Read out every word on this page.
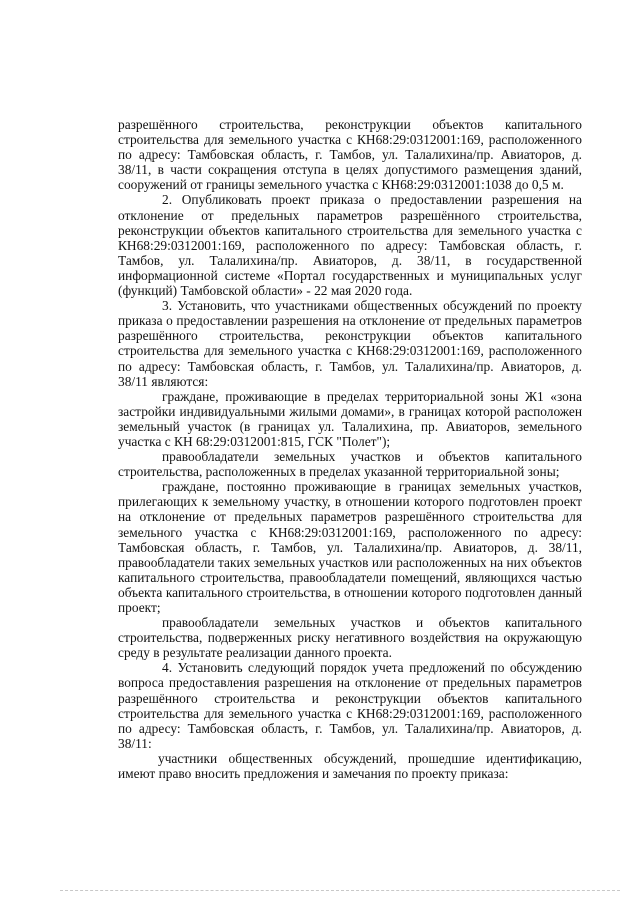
разрешённого строительства, реконструкции объектов капитального строительства для земельного участка с КН68:29:0312001:169, расположенного по адресу: Тамбовская область, г. Тамбов, ул. Талалихина/пр. Авиаторов, д. 38/11, в части сокращения отступа в целях допустимого размещения зданий, сооружений от границы земельного участка с КН68:29:0312001:1038 до 0,5 м.

2. Опубликовать проект приказа о предоставлении разрешения на отклонение от предельных параметров разрешённого строительства, реконструкции объектов капитального строительства для земельного участка с КН68:29:0312001:169, расположенного по адресу: Тамбовская область, г. Тамбов, ул. Талалихина/пр. Авиаторов, д. 38/11, в государственной информационной системе «Портал государственных и муниципальных услуг (функций) Тамбовской области» - 22 мая 2020 года.

3. Установить, что участниками общественных обсуждений по проекту приказа о предоставлении разрешения на отклонение от предельных параметров разрешённого строительства, реконструкции объектов капитального строительства для земельного участка с КН68:29:0312001:169, расположенного по адресу: Тамбовская область, г. Тамбов, ул. Талалихина/пр. Авиаторов, д. 38/11 являются:

граждане, проживающие в пределах территориальной зоны Ж1 «зона застройки индивидуальными жилыми домами», в границах которой расположен земельный участок (в границах ул. Талалихина, пр. Авиаторов, земельного участка с КН 68:29:0312001:815, ГСК "Полет");

правообладатели земельных участков и объектов капитального строительства, расположенных в пределах указанной территориальной зоны;

граждане, постоянно проживающие в границах земельных участков, прилегающих к земельному участку, в отношении которого подготовлен проект на отклонение от предельных параметров разрешённого строительства для земельного участка с КН68:29:0312001:169, расположенного по адресу: Тамбовская область, г. Тамбов, ул. Талалихина/пр. Авиаторов, д. 38/11, правообладатели таких земельных участков или расположенных на них объектов капитального строительства, правообладатели помещений, являющихся частью объекта капитального строительства, в отношении которого подготовлен данный проект;

правообладатели земельных участков и объектов капитального строительства, подверженных риску негативного воздействия на окружающую среду в результате реализации данного проекта.

4. Установить следующий порядок учета предложений по обсуждению вопроса предоставления разрешения на отклонение от предельных параметров разрешённого строительства и реконструкции объектов капитального строительства для земельного участка с КН68:29:0312001:169, расположенного по адресу: Тамбовская область, г. Тамбов, ул. Талалихина/пр. Авиаторов, д. 38/11:

участники общественных обсуждений, прошедшие идентификацию, имеют право вносить предложения и замечания по проекту приказа:
